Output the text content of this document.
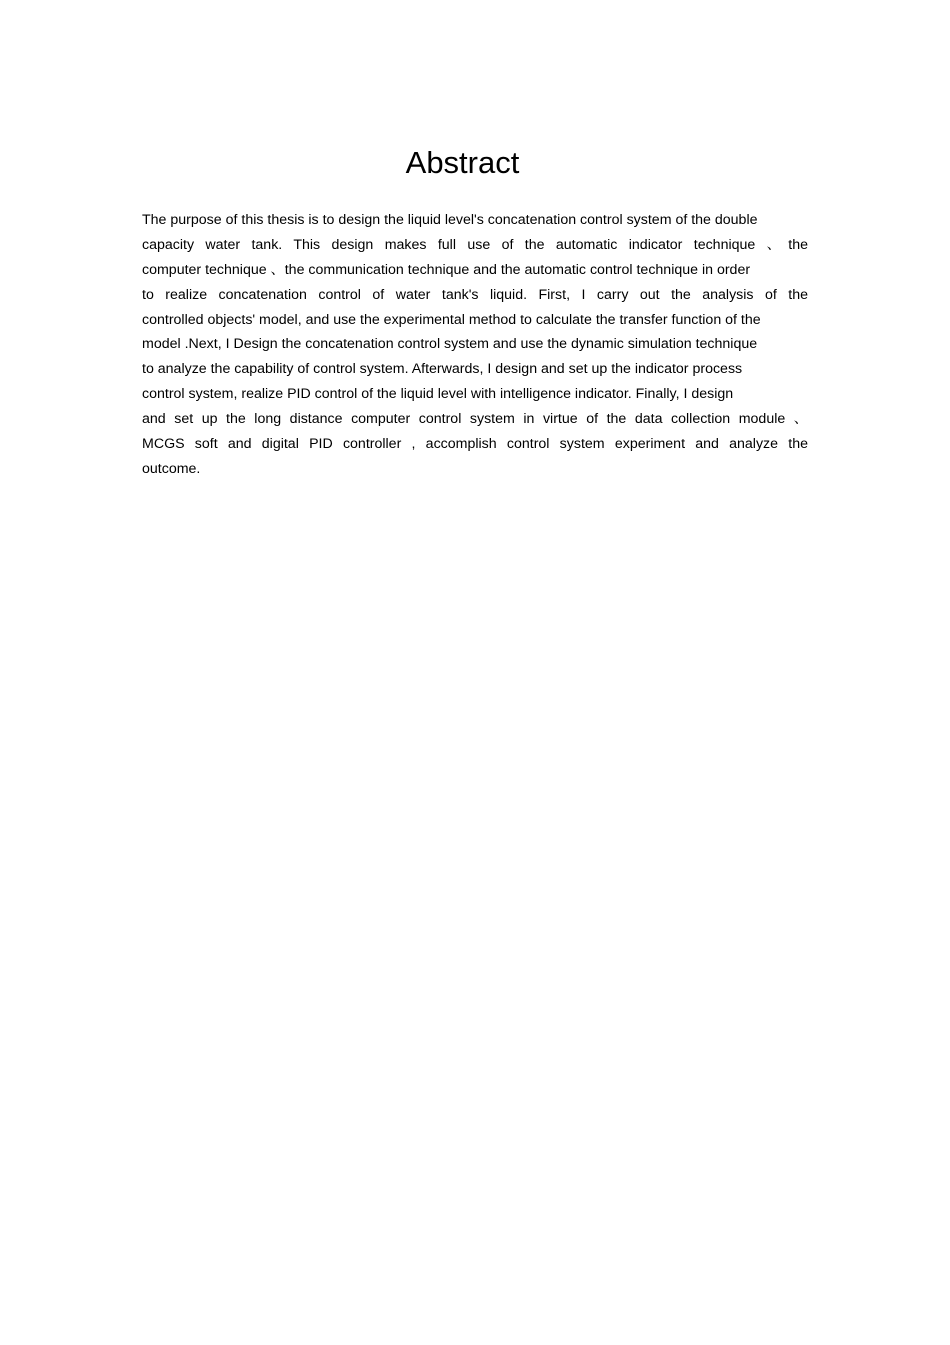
Abstract
The purpose of this thesis is to design the liquid level's concatenation control system of the double
capacity water tank. This design makes full use of the automatic indicator technique 、the
computer technique 、the communication technique and the automatic control technique in order
to realize concatenation control of water tank's liquid. First, I carry out the analysis of the
controlled objects' model, and use the experimental method to calculate the transfer function of the
model .Next, I Design the concatenation control system and use the dynamic simulation technique
to analyze the capability of control system. Afterwards, I design and set up the indicator process
control system, realize PID control of the liquid level with intelligence indicator. Finally, I design
and set up the long distance computer control system in virtue of the data collection module 、
MCGS soft and digital PID controller , accomplish control system experiment and analyze the
outcome.
